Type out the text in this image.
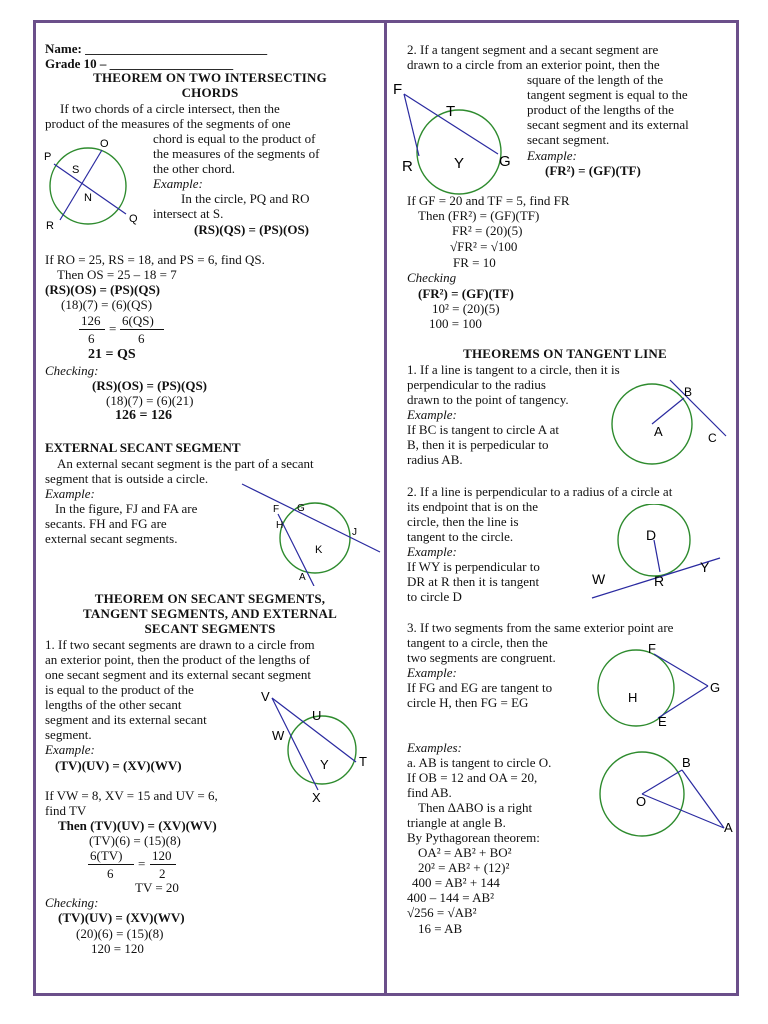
Name: ____________________________
Grade 10 – ___________________
THEOREM ON TWO INTERSECTING
CHORDS
If two chords of a circle intersect, then the
product of the measures of the segments of one
chord is equal to the product of
the measures of the segments of
the other chord.
Example:
In the circle, PQ and RO
intersect at S.
(RS)(QS) = (PS)(OS)
P
O
S
N
R
Q
If RO = 25, RS = 18, and PS = 6, find QS.
Then OS = 25 – 18 = 7
(RS)(OS) = (PS)(QS)
(18)(7) = (6)(QS)
126
6
=
6(QS)
6
21 = QS
Checking:
(RS)(OS) = (PS)(QS)
(18)(7) = (6)(21)
126 = 126
EXTERNAL SECANT SEGMENT
An external secant segment is the part of a secant
segment that is outside a circle.
Example:
In the figure, FJ and FA are
secants. FH and FG are
external secant segments.
F G
H
J
K
A
THEOREM ON SECANT SEGMENTS,
TANGENT SEGMENTS, AND EXTERNAL
SECANT SEGMENTS
1. If two secant segments are drawn to a circle from
an exterior point, then the product of the lengths of
one secant segment and its external secant segment
is equal to the product of the
lengths of the other secant
segment and its external secant
segment.
Example:
(TV)(UV) = (XV)(WV)
V
U
W
Y T
X
If VW = 8, XV = 15 and UV = 6,
find TV
Then (TV)(UV) = (XV)(WV)
(TV)(6) = (15)(8)
6(TV)
6
=
120
2
TV = 20
Checking:
(TV)(UV) = (XV)(WV)
(20)(6) = (15)(8)
120 = 120
2. If a tangent segment and a secant segment are
drawn to a circle from an exterior point, then the
square of the length of the
tangent segment is equal to the
product of the lengths of the
secant segment and its external
secant segment.
Example:
(FR²) = (GF)(TF)
F
T
R	Y G
If GF = 20 and TF = 5, find FR
Then (FR²) = (GF)(TF)
FR² = (20)(5)
√FR² = √100
FR = 10
Checking
(FR²) = (GF)(TF)
10² = (20)(5)
100 = 100
THEOREMS ON TANGENT LINE
1. If a line is tangent to a circle, then it is
perpendicular to the radius
drawn to the point of tangency.
Example:
If BC is tangent to circle A at
B, then it is perpedicular to
radius AB.
B
A	C
2. If a line is perpendicular to a radius of a circle at
its endpoint that is on the
circle, then the line is
tangent to the circle.
Example:
If WY is perpendicular to
DR at R then it is tangent
to circle D
D
W	R
Y
3. If two segments from the same exterior point are
tangent to a circle, then the
two segments are congruent.
Example:
If FG and EG are tangent to
circle H, then FG = EG
F
G
H
E
Examples:
a. AB is tangent to circle O.
If OB = 12 and OA = 20,
find AB.
Then ∆ABO is a right
triangle at angle B.
By Pythagorean theorem:
OA² = AB² + BO²
20² = AB² + (12)²
400 = AB² + 144
400 – 144 = AB²
√256 = √AB²
16 = AB
B
O
A
